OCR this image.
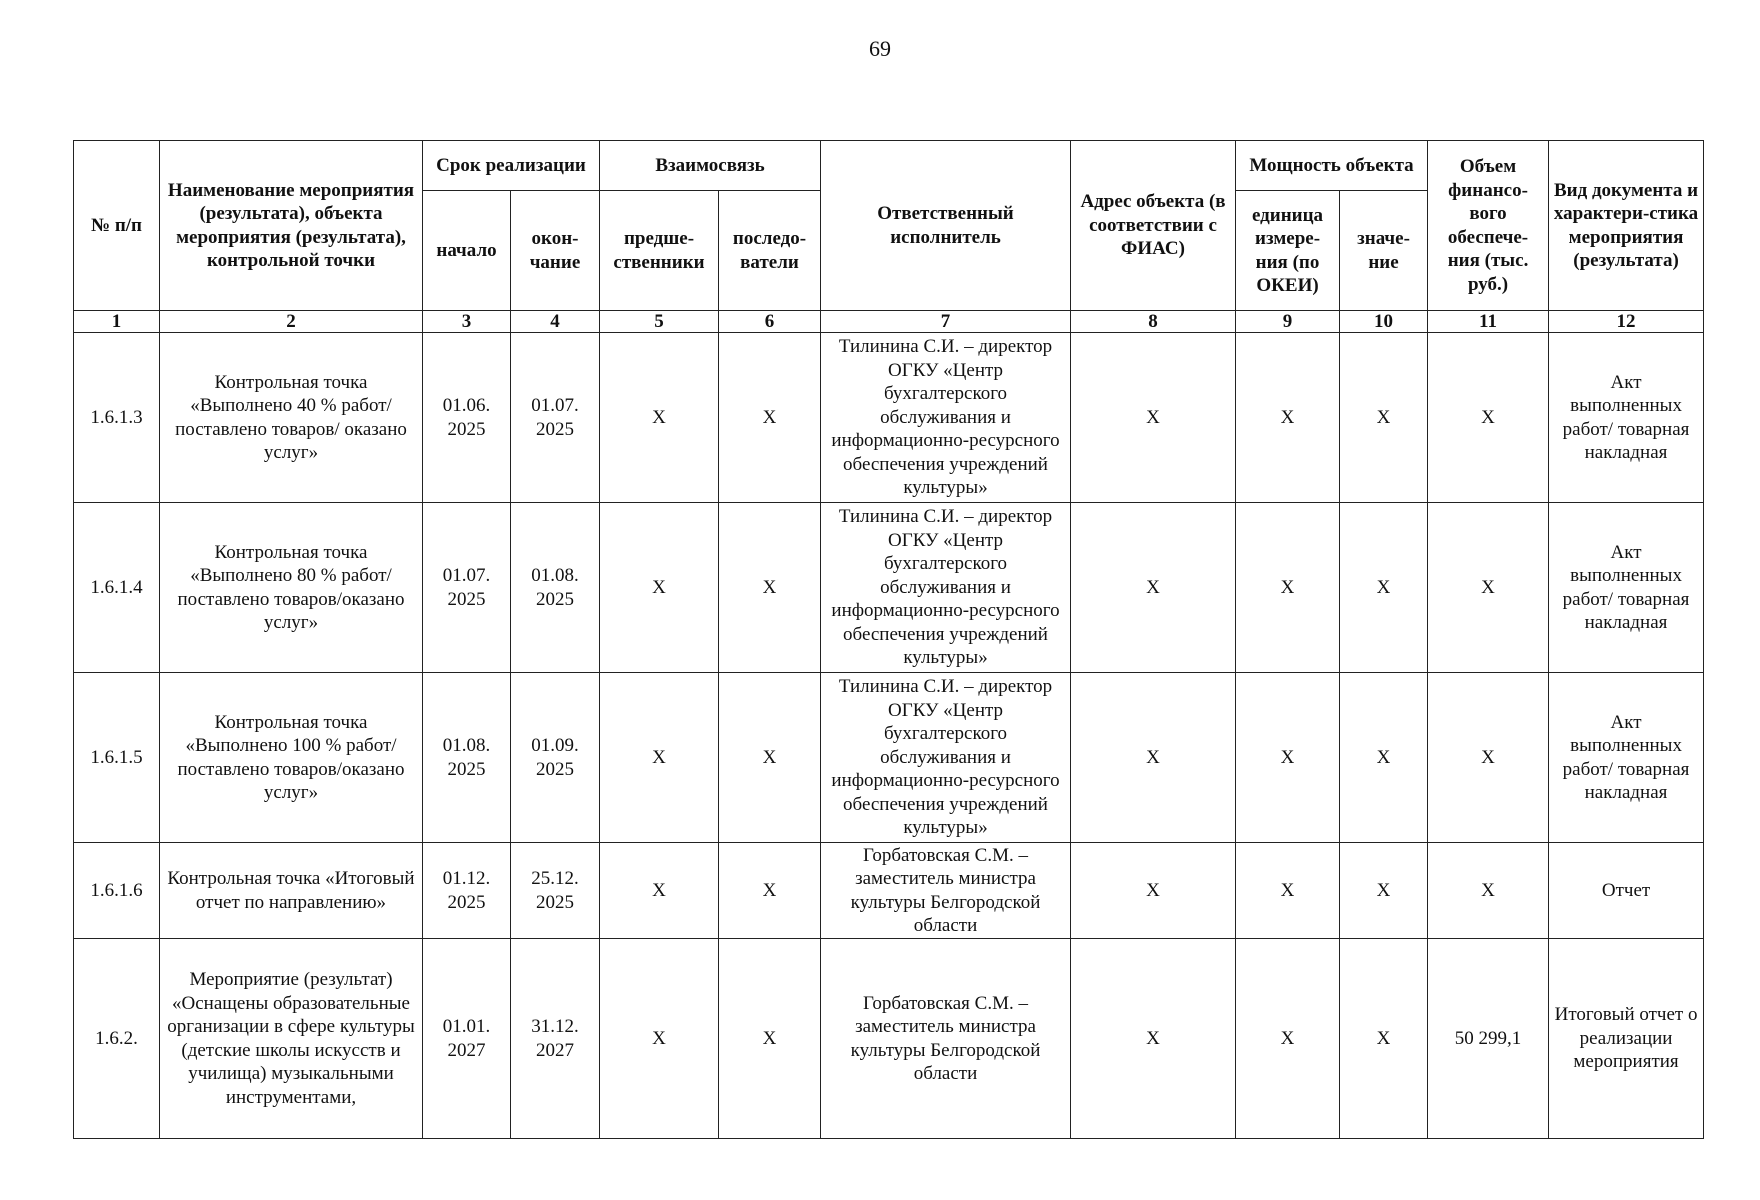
69
№ п/п	Наименование мероприятия (результата), объекта мероприятия (результата), контрольной точки	Срок реализации		Взаимосвязь		Ответственный исполнитель	Адрес объекта (в соответствии с ФИАС)	Мощность объекта		Объем финансо-вого обеспече-ния (тыс. руб.)	Вид документа и характери-стика мероприятия (результата)
		начало	окон-чание	предше-ственники	последо-ватели			единица измере-ния (по ОКЕИ)	значе-ние		
1	2	3	4	5	6	7	8	9	10	11	12
1.6.1.3	Контрольная точка «Выполнено 40 % работ/ поставлено товаров/ оказано услуг»	01.06. 2025	01.07. 2025	X	X	Тилинина С.И. – директор ОГКУ «Центр бухгалтерского обслуживания и информационно-ресурсного обеспечения учреждений культуры»	X	X	X	X	Акт выполненных работ/ товарная накладная
1.6.1.4	Контрольная точка «Выполнено 80 % работ/поставлено товаров/оказано услуг»	01.07. 2025	01.08. 2025	X	X	Тилинина С.И. – директор ОГКУ «Центр бухгалтерского обслуживания и информационно-ресурсного обеспечения учреждений культуры»	X	X	X	X	Акт выполненных работ/ товарная накладная
1.6.1.5	Контрольная точка «Выполнено 100 % работ/поставлено товаров/оказано услуг»	01.08. 2025	01.09. 2025	X	X	Тилинина С.И. – директор ОГКУ «Центр бухгалтерского обслуживания и информационно-ресурсного обеспечения учреждений культуры»	X	X	X	X	Акт выполненных работ/ товарная накладная
1.6.1.6	Контрольная точка «Итоговый отчет по направлению»	01.12. 2025	25.12. 2025	X	X	Горбатовская С.М. – заместитель министра культуры Белгородской области	X	X	X	X	Отчет
1.6.2.	Мероприятие (результат) «Оснащены образовательные организации в сфере культуры (детские школы искусств и училища) музыкальными инструментами,	01.01. 2027	31.12. 2027	X	X	Горбатовская С.М. – заместитель министра культуры Белгородской области	X	X	X	50 299,1	Итоговый отчет о реализации мероприятия
